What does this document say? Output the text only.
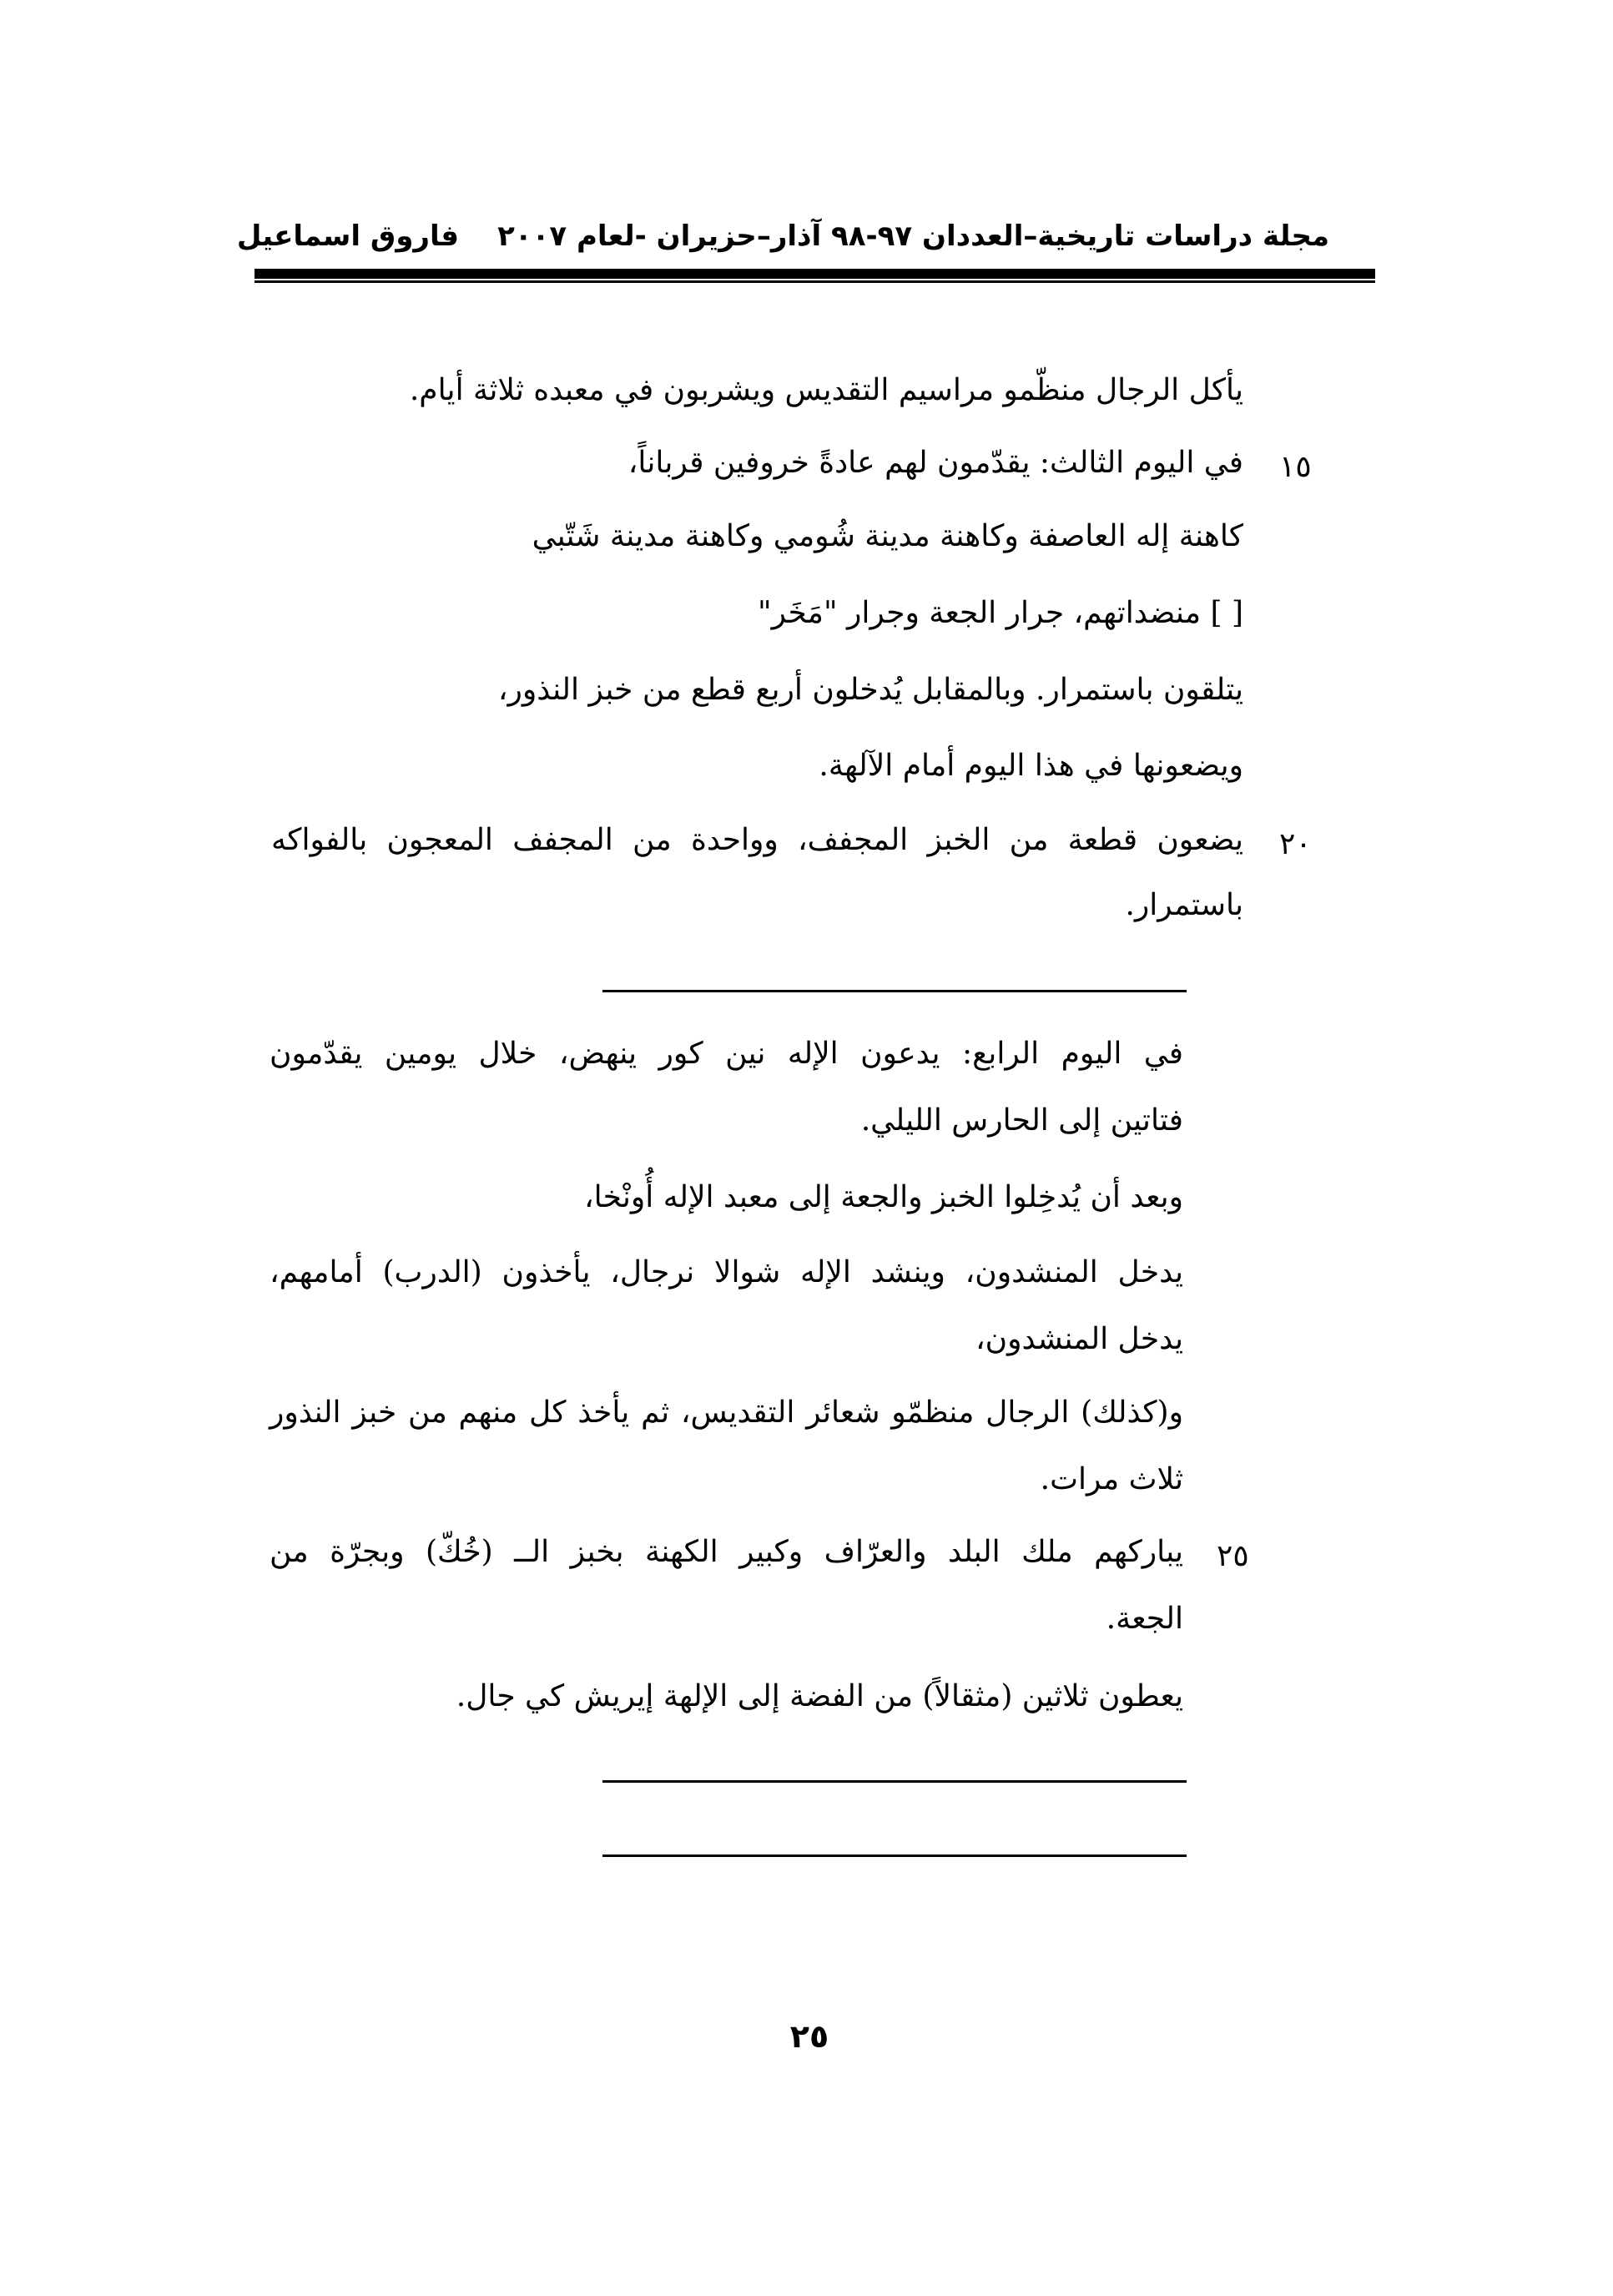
مجلة دراسات تاريخية–العددان ٩٧-٩٨ آذار–حزيران -لعام ٢٠٠٧
فاروق اسماعيل
يأكل الرجال منظّمو مراسيم التقديس ويشربون في معبده ثلاثة أيام.
١٥
في اليوم الثالث: يقدّمون لهم عادةً خروفين قرباناً،
كاهنة إله العاصفة وكاهنة مدينة شُومي وكاهنة مدينة شَتّبي
[ ] منضداتهم، جرار الجعة وجرار "مَخَر"
يتلقون باستمرار. وبالمقابل يُدخلون أربع قطع من خبز النذور،
ويضعونها في هذا اليوم أمام الآلهة.
٢٠
يضعون قطعة من الخبز المجفف، وواحدة من المجفف المعجون بالفواكه
باستمرار.
في اليوم الرابع: يدعون الإله نين كور ينهض، خلال يومين يقدّمون
فتاتين إلى الحارس الليلي.
وبعد أن يُدخِلوا الخبز والجعة إلى معبد الإله أُونْخا،
يدخل المنشدون، وينشد الإله شوالا نرجال، يأخذون (الدرب) أمامهم،
يدخل المنشدون،
و(كذلك) الرجال منظمّو شعائر التقديس، ثم يأخذ كل منهم من خبز النذور
ثلاث مرات.
٢٥
يباركهم ملك البلد والعرّاف وكبير الكهنة بخبز الــ (خُكّ) وبجرّة من
الجعة.
يعطون ثلاثين (مثقالاً) من الفضة إلى الإلهة إيريش كي جال.
٢٥
